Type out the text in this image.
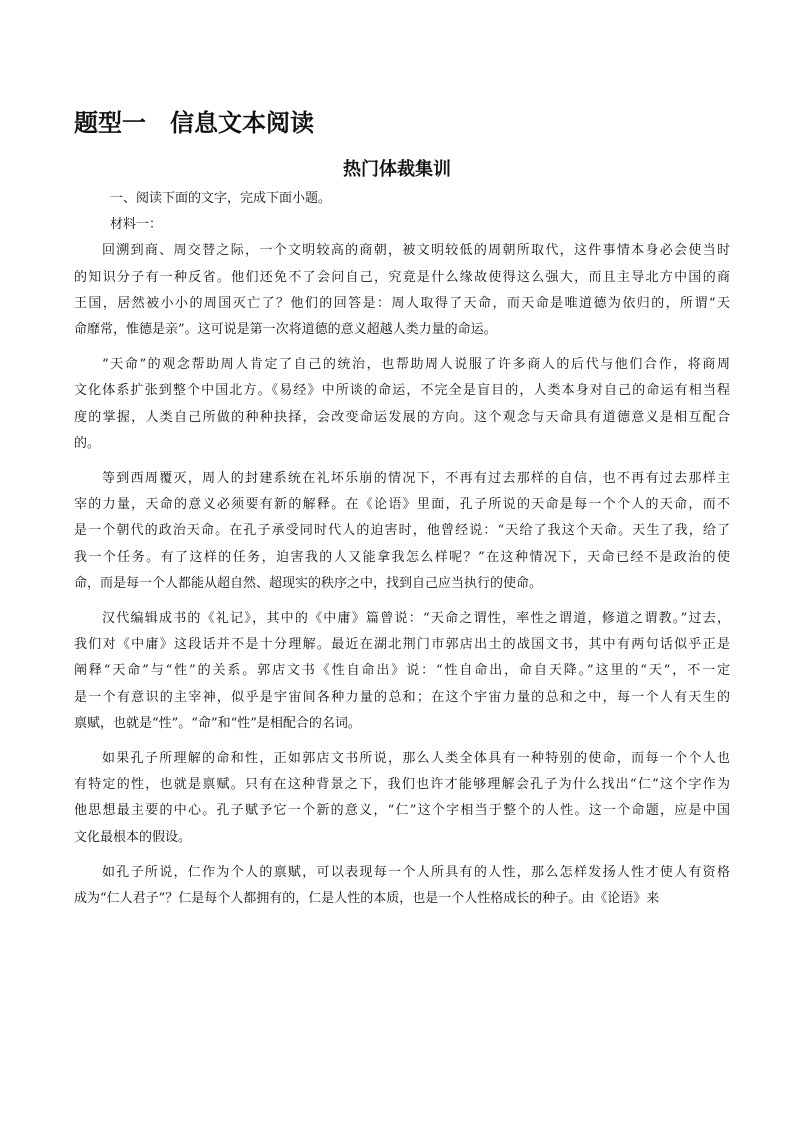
题型一　信息文本阅读
热门体裁集训

一、阅读下面的文字，完成下面小题。

材料一：

回溯到商、周交替之际，一个文明较高的商朝，被文明较低的周朝所取代，这件事情本身必会使当时
的知识分子有一种反省。他们还免不了会问自己，究竟是什么缘故使得这么强大，而且主导北方中国的商
王国，居然被小小的周国灭亡了？他们的回答是：周人取得了天命，而天命是唯道德为依归的，所谓“天
命靡常，惟德是亲”。这可说是第一次将道德的意义超越人类力量的命运。

“天命”的观念帮助周人肯定了自己的统治，也帮助周人说服了许多商人的后代与他们合作，将商周
文化体系扩张到整个中国北方。《易经》中所谈的命运，不完全是盲目的，人类本身对自己的命运有相当程
度的掌握，人类自己所做的种种抉择，会改变命运发展的方向。这个观念与天命具有道德意义是相互配合
的。

等到西周覆灭，周人的封建系统在礼坏乐崩的情况下，不再有过去那样的自信，也不再有过去那样主
宰的力量，天命的意义必须要有新的解释。在《论语》里面，孔子所说的天命是每一个个人的天命，而不
是一个朝代的政治天命。在孔子承受同时代人的迫害时，他曾经说：“天给了我这个天命。天生了我，给了
我一个任务。有了这样的任务，迫害我的人又能拿我怎么样呢？”在这种情况下，天命已经不是政治的使
命，而是每一个人都能从超自然、超现实的秩序之中，找到自己应当执行的使命。

汉代编辑成书的《礼记》，其中的《中庸》篇曾说：“天命之谓性，率性之谓道，修道之谓教。”过去，
我们对《中庸》这段话并不是十分理解。最近在湖北荆门市郭店出土的战国文书，其中有两句话似乎正是
阐释“天命”与“性”的关系。郭店文书《性自命出》说：“性自命出，命自天降。”这里的“天”，不一定
是一个有意识的主宰神，似乎是宇宙间各种力量的总和；在这个宇宙力量的总和之中，每一个人有天生的
禀赋，也就是“性”。“命”和“性”是相配合的名词。

如果孔子所理解的命和性，正如郭店文书所说，那么人类全体具有一种特别的使命，而每一个个人也
有特定的性，也就是禀赋。只有在这种背景之下，我们也许才能够理解会孔子为什么找出“仁”这个字作为
他思想最主要的中心。孔子赋予它一个新的意义，“仁”这个字相当于整个的人性。这一个命题，应是中国
文化最根本的假设。

如孔子所说，仁作为个人的禀赋，可以表现每一个人所具有的人性，那么怎样发扬人性才使人有资格
成为“仁人君子”？仁是每个人都拥有的，仁是人性的本质，也是一个人性格成长的种子。由《论语》来
